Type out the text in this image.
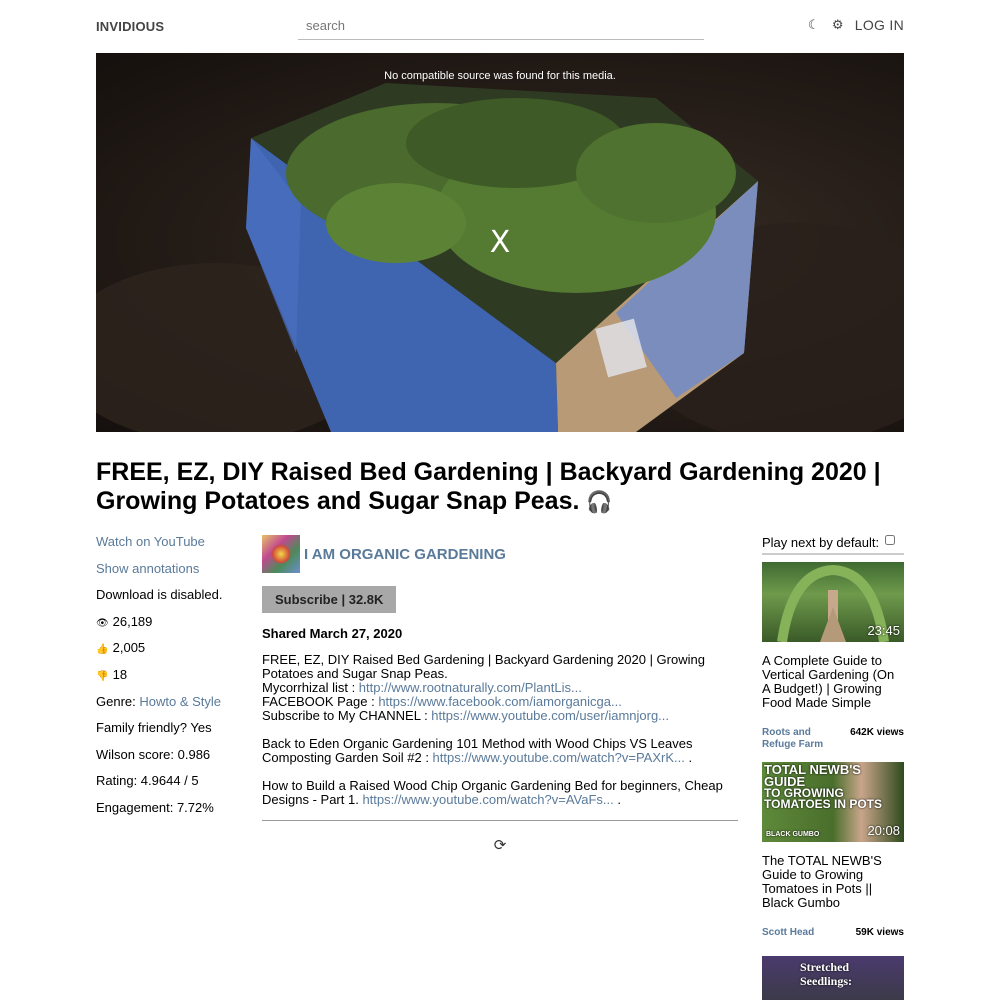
INVIDIOUS
search	☾ ⚙ LOG IN
No compatible source was found for this media.
X
FREE, EZ, DIY Raised Bed Gardening | Backyard Gardening 2020 | Growing Potatoes and Sugar Snap Peas. 🎧
Watch on YouTube
Show annotations
Download is disabled.
👁 26,189
👍 2,005
👎 18
Genre: Howto & Style
Family friendly? Yes
Wilson score: 0.986
Rating: 4.9644 / 5
Engagement: 7.72%
I AM ORGANIC GARDENING
Subscribe | 32.8K
Shared March 27, 2020

FREE, EZ, DIY Raised Bed Gardening | Backyard Gardening 2020 | Growing Potatoes and Sugar Snap Peas.
Mycorrhizal list : http://www.rootnaturally.com/PlantLis...
FACEBOOK Page : https://www.facebook.com/iamorganicga...
Subscribe to My CHANNEL : https://www.youtube.com/user/iamnjorg...

Back to Eden Organic Gardening 101 Method with Wood Chips VS Leaves Composting Garden Soil #2 : https://www.youtube.com/watch?v=PAXrK... .

How to Build a Raised Wood Chip Organic Gardening Bed for beginners, Cheap Designs - Part 1. https://www.youtube.com/watch?v=AVaFs... .

⟳
Play next by default:
23:45
A Complete Guide to Vertical Gardening (On A Budget!) | Growing Food Made Simple
Roots and Refuge Farm
642K views
TOTAL NEWB'S GUIDE
TO GROWING TOMATOES IN POTS
BLACK GUMBO	20:08
The TOTAL NEWB'S Guide to Growing Tomatoes in Pots || Black Gumbo
Scott Head	59K views
Stretched
Seedlings:
